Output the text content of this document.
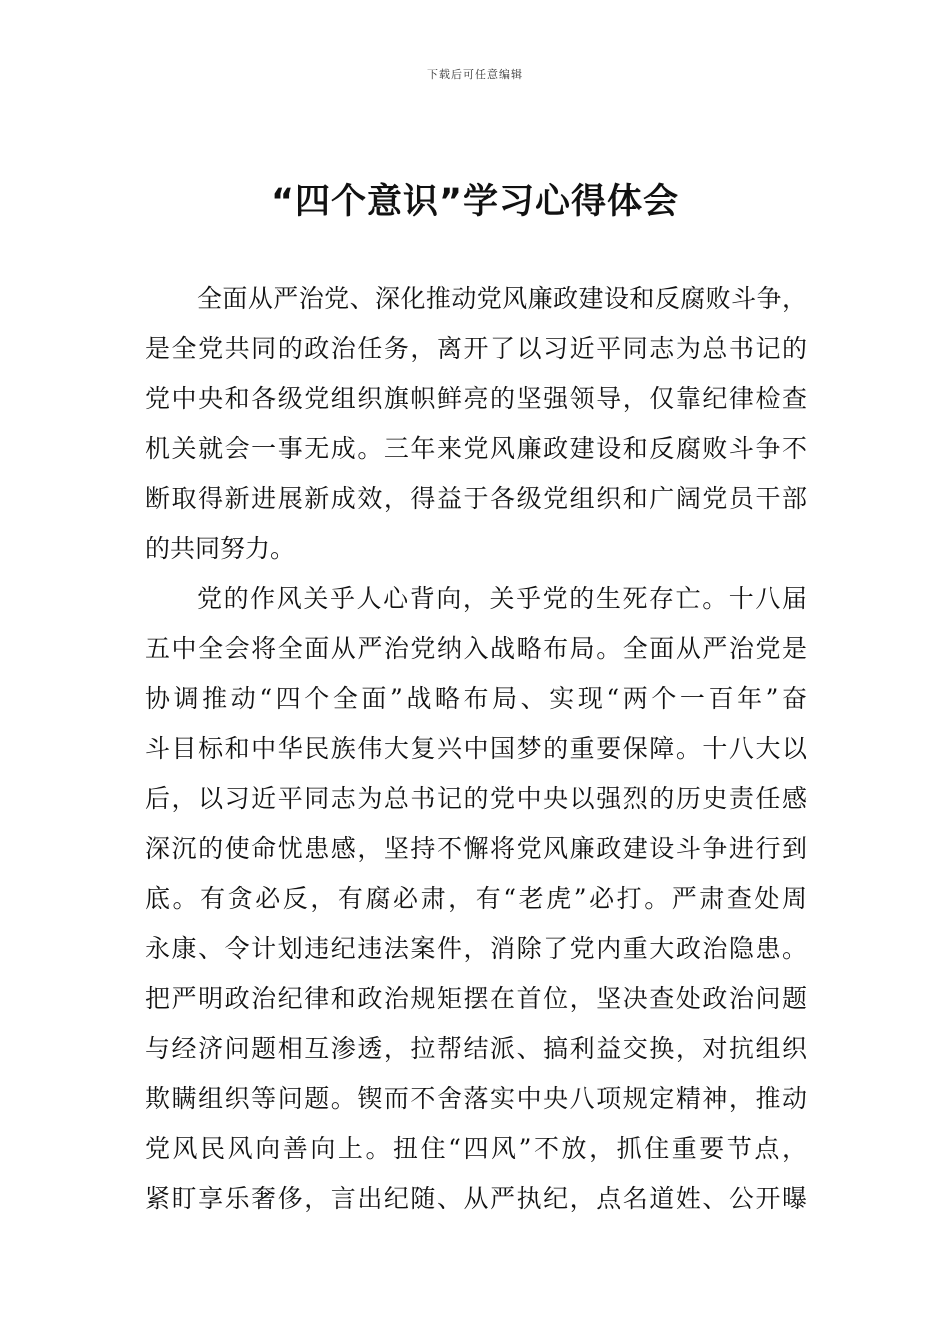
下载后可任意编辑
“四个意识”学习心得体会
全面从严治党、深化推动党风廉政建设和反腐败斗争，
是全党共同的政治任务，离开了以习近平同志为总书记的
党中央和各级党组织旗帜鲜亮的坚强领导，仅靠纪律检查
机关就会一事无成。三年来党风廉政建设和反腐败斗争不
断取得新进展新成效，得益于各级党组织和广阔党员干部
的共同努力。
党的作风关乎人心背向，关乎党的生死存亡。十八届
五中全会将全面从严治党纳入战略布局。全面从严治党是
协调推动“四个全面”战略布局、实现“两个一百年”奋
斗目标和中华民族伟大复兴中国梦的重要保障。十八大以
后，以习近平同志为总书记的党中央以强烈的历史责任感
深沉的使命忧患感，坚持不懈将党风廉政建设斗争进行到
底。有贪必反，有腐必肃，有“老虎”必打。严肃查处周
永康、令计划违纪违法案件，消除了党内重大政治隐患。
把严明政治纪律和政治规矩摆在首位，坚决查处政治问题
与经济问题相互渗透，拉帮结派、搞利益交换，对抗组织
欺瞒组织等问题。锲而不舍落实中央八项规定精神，推动
党风民风向善向上。扭住“四风”不放，抓住重要节点，
紧盯享乐奢侈，言出纪随、从严执纪，点名道姓、公开曝
